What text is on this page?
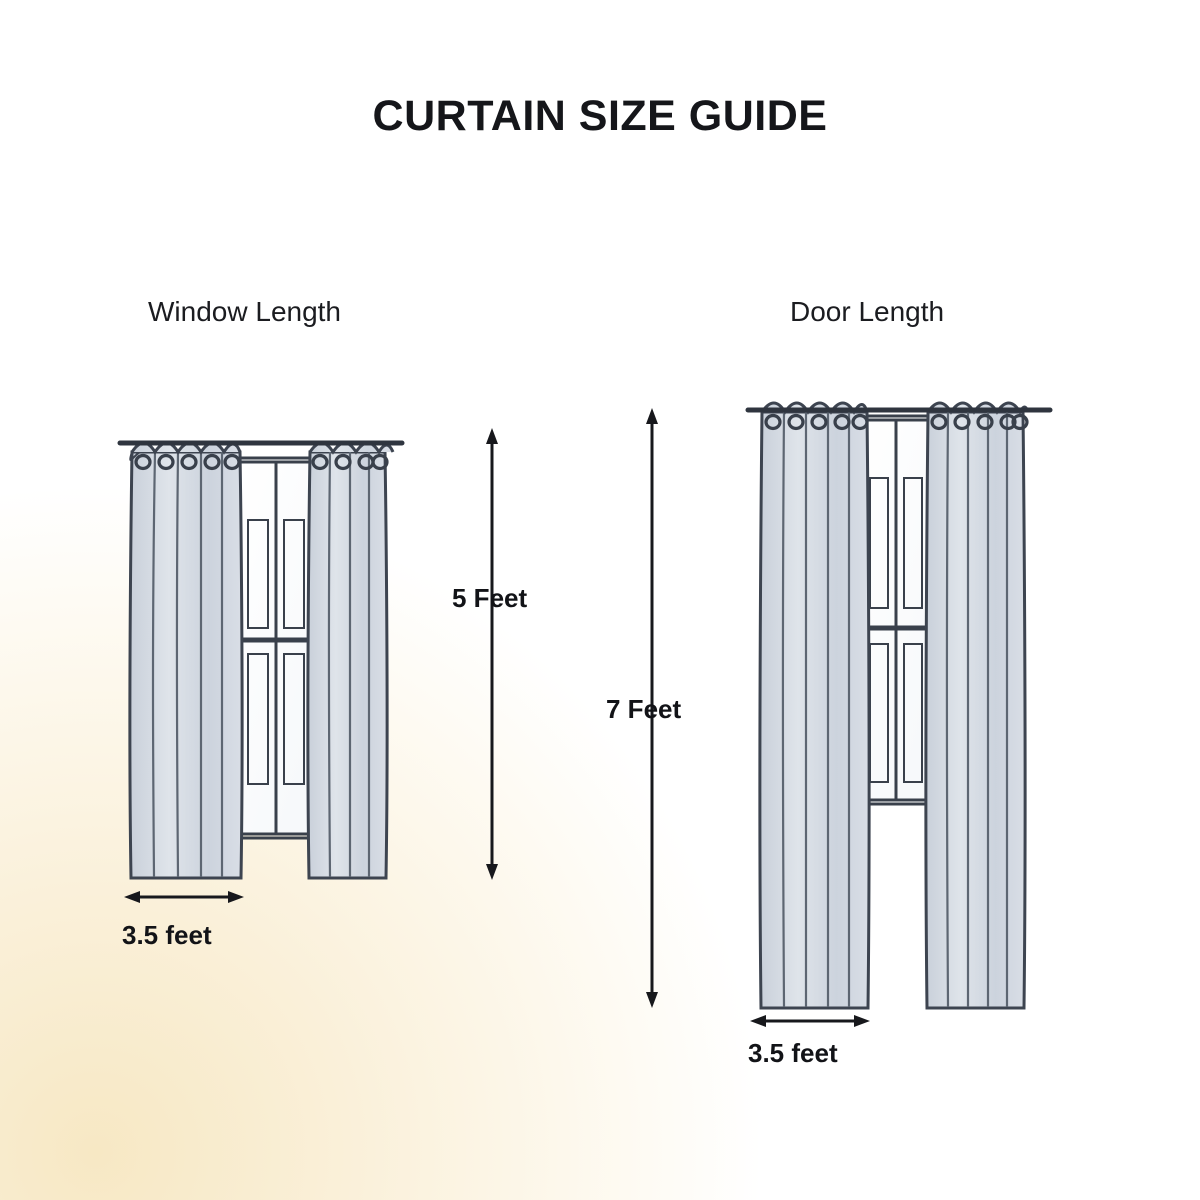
CURTAIN SIZE GUIDE
Window Length	Door Length
5 Feet
7 Feet
3.5 feet
3.5 feet
